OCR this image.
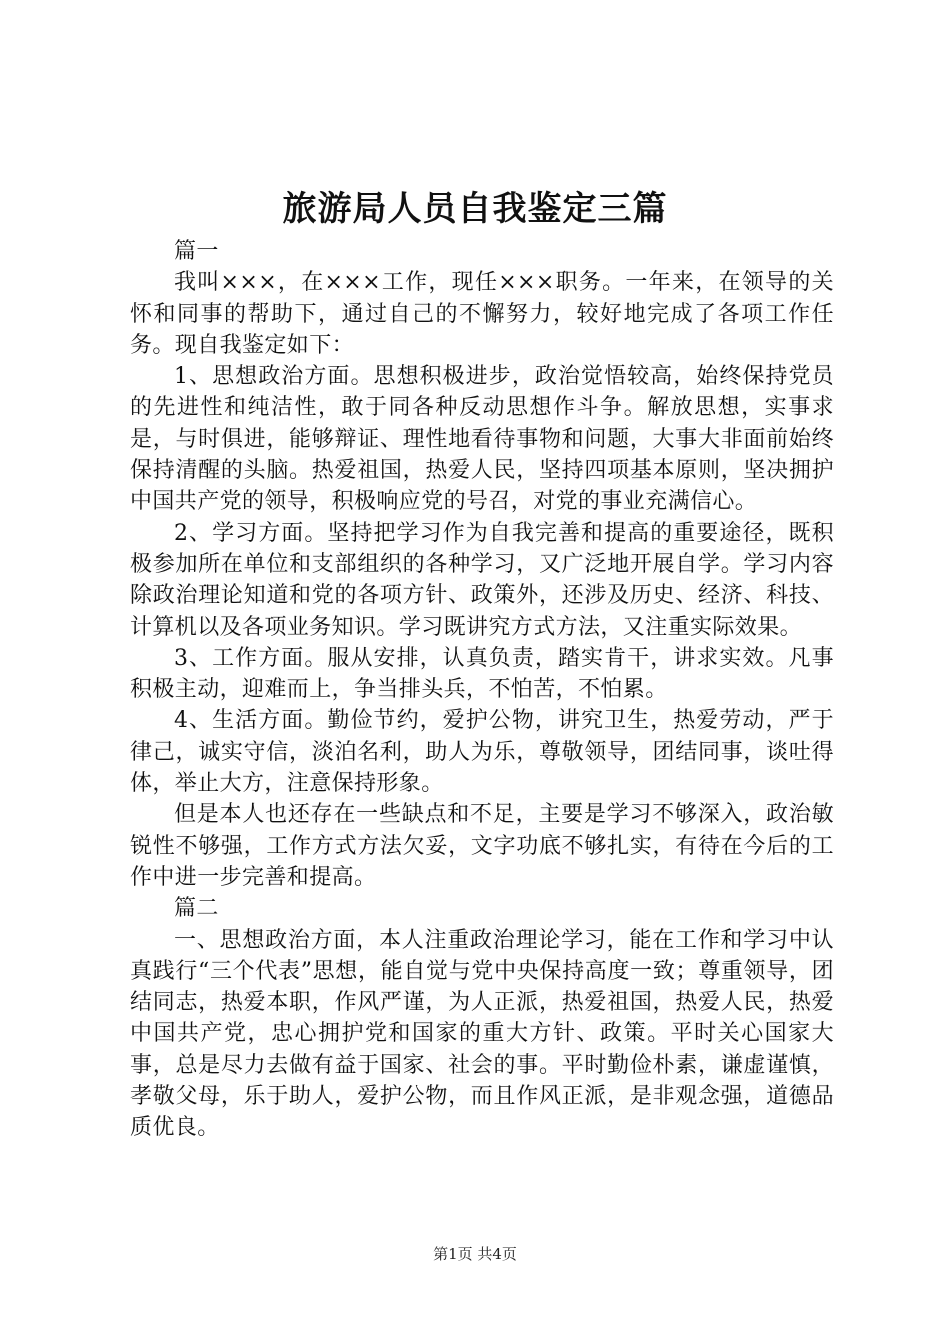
旅游局人员自我鉴定三篇

篇一

我叫×××，在×××工作，现任×××职务。一年来，在领导的关怀和同事的帮助下，通过自己的不懈努力，较好地完成了各项工作任务。现自我鉴定如下：

1、思想政治方面。思想积极进步，政治觉悟较高，始终保持党员的先进性和纯洁性，敢于同各种反动思想作斗争。解放思想，实事求是，与时俱进，能够辩证、理性地看待事物和问题，大事大非面前始终保持清醒的头脑。热爱祖国，热爱人民，坚持四项基本原则，坚决拥护中国共产党的领导，积极响应党的号召，对党的事业充满信心。

2、学习方面。坚持把学习作为自我完善和提高的重要途径，既积极参加所在单位和支部组织的各种学习，又广泛地开展自学。学习内容除政治理论知道和党的各项方针、政策外，还涉及历史、经济、科技、计算机以及各项业务知识。学习既讲究方式方法，又注重实际效果。

3、工作方面。服从安排，认真负责，踏实肯干，讲求实效。凡事积极主动，迎难而上，争当排头兵，不怕苦，不怕累。

4、生活方面。勤俭节约，爱护公物，讲究卫生，热爱劳动，严于律己，诚实守信，淡泊名利，助人为乐，尊敬领导，团结同事，谈吐得体，举止大方，注意保持形象。

但是本人也还存在一些缺点和不足，主要是学习不够深入，政治敏锐性不够强，工作方式方法欠妥，文字功底不够扎实，有待在今后的工作中进一步完善和提高。

篇二

一、思想政治方面，本人注重政治理论学习，能在工作和学习中认真践行“三个代表”思想，能自觉与党中央保持高度一致；尊重领导，团结同志，热爱本职，作风严谨，为人正派，热爱祖国，热爱人民，热爱中国共产党，忠心拥护党和国家的重大方针、政策。平时关心国家大事，总是尽力去做有益于国家、社会的事。平时勤俭朴素，谦虚谨慎，孝敬父母，乐于助人，爱护公物，而且作风正派，是非观念强，道德品质优良。

第1页 共4页
